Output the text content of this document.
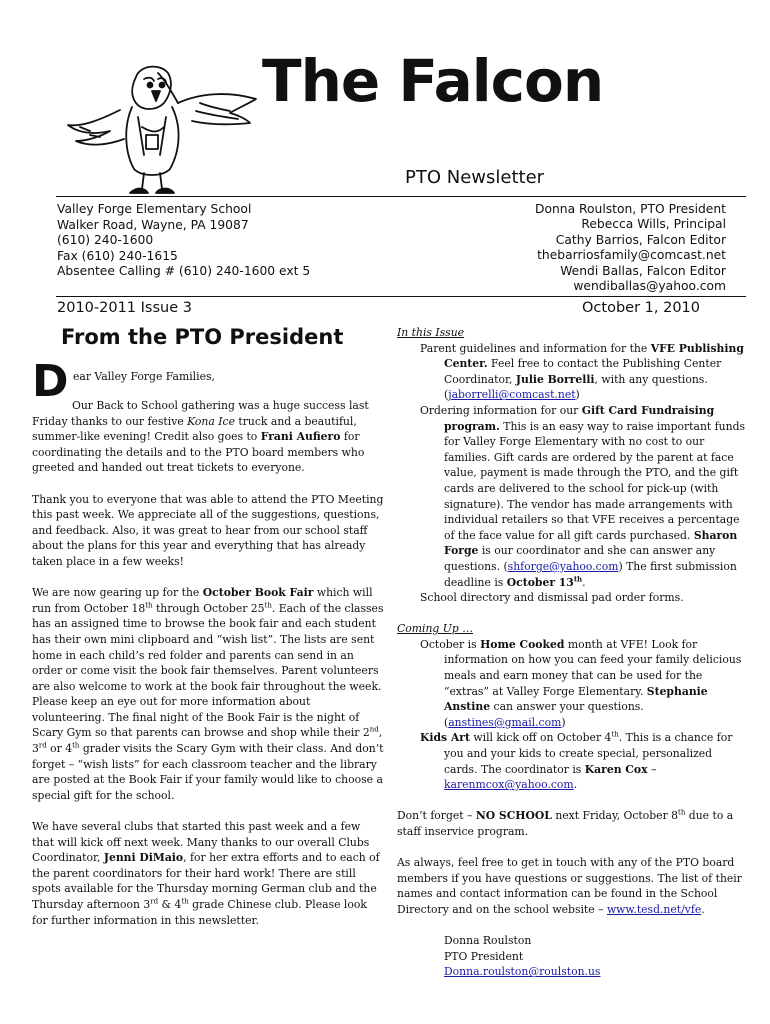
The Falcon
PTO Newsletter
Valley Forge Elementary School
Walker Road, Wayne, PA 19087
(610) 240-1600
Fax (610) 240-1615
Absentee Calling # (610) 240-1600 ext 5
Donna Roulston, PTO President
Rebecca Wills, Principal
Cathy Barrios, Falcon Editor
thebarriosfamily@comcast.net
Wendi Ballas, Falcon Editor
wendiballas@yahoo.com
2010-2011 Issue 3	October 1, 2010
From the PTO President
D ear Valley Forge Families,

Our Back to School gathering was a huge success last Friday thanks to our festive Kona Ice truck and a beautiful, summer-like evening! Credit also goes to Frani Aufiero for coordinating the details and to the PTO board members who greeted and handed out treat tickets to everyone.

Thank you to everyone that was able to attend the PTO Meeting this past week. We appreciate all of the suggestions, questions, and feedback. Also, it was great to hear from our school staff about the plans for this year and everything that has already taken place in a few weeks!

We are now gearing up for the October Book Fair which will run from October 18th through October 25th. Each of the classes has an assigned time to browse the book fair and each student has their own mini clipboard and “wish list”. The lists are sent home in each child’s red folder and parents can send in an order or come visit the book fair themselves. Parent volunteers are also welcome to work at the book fair throughout the week. Please keep an eye out for more information about volunteering. The final night of the Book Fair is the night of Scary Gym so that parents can browse and shop while their 2nd, 3rd or 4th grader visits the Scary Gym with their class. And don’t forget – “wish lists” for each classroom teacher and the library are posted at the Book Fair if your family would like to choose a special gift for the school.

We have several clubs that started this past week and a few that will kick off next week. Many thanks to our overall Clubs Coordinator, Jenni DiMaio, for her extra efforts and to each of the parent coordinators for their hard work! There are still spots available for the Thursday morning German club and the Thursday afternoon 3rd & 4th grade Chinese club. Please look for further information in this newsletter.

In this Issue

Parent guidelines and information for the VFE Publishing Center. Feel free to contact the Publishing Center Coordinator, Julie Borrelli, with any questions. (jaborrelli@comcast.net)
Ordering information for our Gift Card Fundraising program. This is an easy way to raise important funds for Valley Forge Elementary with no cost to our families. Gift cards are ordered by the parent at face value, payment is made through the PTO, and the gift cards are delivered to the school for pick-up (with signature). The vendor has made arrangements with individual retailers so that VFE receives a percentage of the face value for all gift cards purchased. Sharon Forge is our coordinator and she can answer any questions. (shforge@yahoo.com) The first submission deadline is October 13th.
School directory and dismissal pad order forms.

Coming Up …

October is Home Cooked month at VFE! Look for information on how you can feed your family delicious meals and earn money that can be used for the “extras” at Valley Forge Elementary. Stephanie Anstine can answer your questions. (anstines@gmail.com)
Kids Art will kick off on October 4th. This is a chance for you and your kids to create special, personalized cards. The coordinator is Karen Cox – karenmcox@yahoo.com.

Don’t forget – NO SCHOOL next Friday, October 8th due to a staff inservice program.

As always, feel free to get in touch with any of the PTO board members if you have questions or suggestions. The list of their names and contact information can be found in the School Directory and on the school website – www.tesd.net/vfe.

Donna Roulston

PTO President

Donna.roulston@roulston.us
